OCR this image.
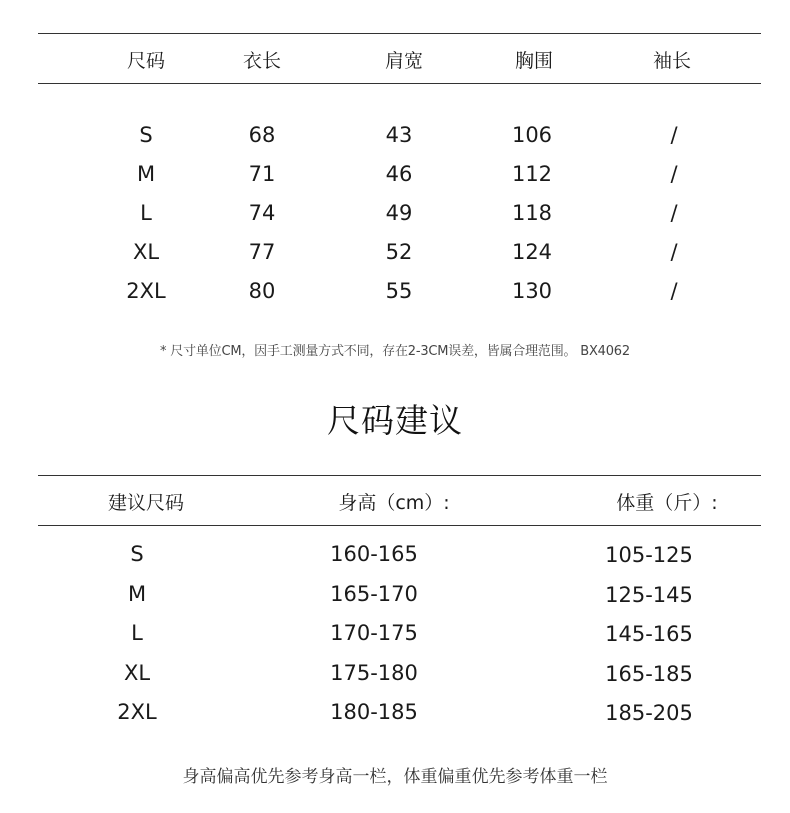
尺码	衣长	肩宽	胸围	袖长
S	68	43	106	/
M	71	46	112	/
L	74	49	118	/
XL	77	52	124	/
2XL	80	55	130	/
* 尺寸单位CM，因手工测量方式不同，存在2-3CM误差，皆属合理范围。 BX4062
尺码建议
建议尺码	身高（cm）:	体重（斤）:
S	160-165	105-125
M	165-170	125-145
L	170-175	145-165
XL	175-180	165-185
2XL	180-185	185-205
身高偏高优先参考身高一栏，体重偏重优先参考体重一栏
